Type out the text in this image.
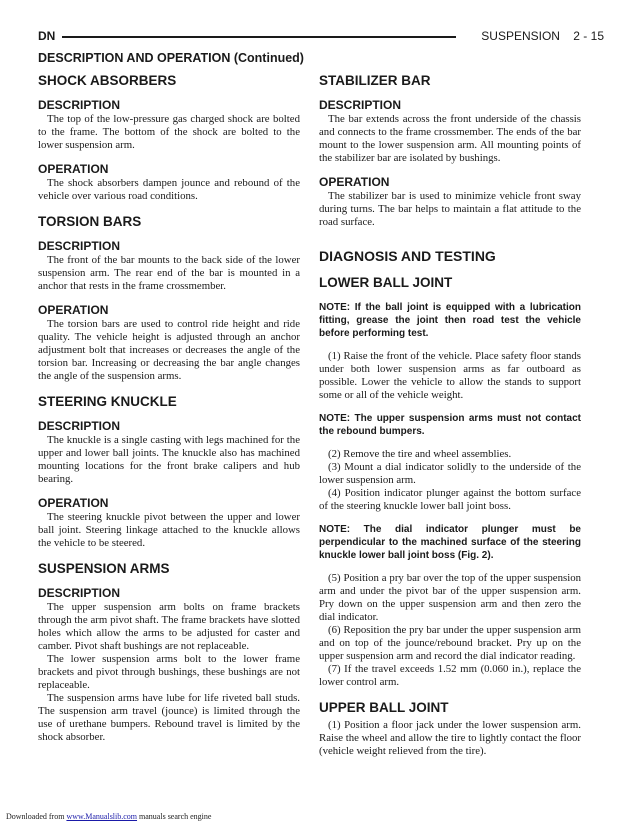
DN	SUSPENSION    2 - 15
DESCRIPTION AND OPERATION (Continued)
SHOCK ABSORBERS
DESCRIPTION

The top of the low-pressure gas charged shock are bolted to the frame. The bottom of the shock are bolted to the lower suspension arm.

OPERATION

The shock absorbers dampen jounce and rebound of the vehicle over various road conditions.

TORSION BARS
DESCRIPTION

The front of the bar mounts to the back side of the lower suspension arm. The rear end of the bar is mounted in a anchor that rests in the frame crossmember.

OPERATION

The torsion bars are used to control ride height and ride quality. The vehicle height is adjusted through an anchor adjustment bolt that increases or decreases the angle of the torsion bar. Increasing or decreasing the bar angle changes the angle of the suspension arms.

STEERING KNUCKLE
DESCRIPTION

The knuckle is a single casting with legs machined for the upper and lower ball joints. The knuckle also has machined mounting locations for the front brake calipers and hub bearing.

OPERATION

The steering knuckle pivot between the upper and lower ball joint. Steering linkage attached to the knuckle allows the vehicle to be steered.

SUSPENSION ARMS
DESCRIPTION

The upper suspension arm bolts on frame brackets through the arm pivot shaft. The frame brackets have slotted holes which allow the arms to be adjusted for caster and camber. Pivot shaft bushings are not replaceable.

The lower suspension arms bolt to the lower frame brackets and pivot through bushings, these bushings are not replaceable.

The suspension arms have lube for life riveted ball studs. The suspension arm travel (jounce) is limited through the use of urethane bumpers. Rebound travel is limited by the shock absorber.

STABILIZER BAR
DESCRIPTION

The bar extends across the front underside of the chassis and connects to the frame crossmember. The ends of the bar mount to the lower suspension arm. All mounting points of the stabilizer bar are isolated by bushings.

OPERATION

The stabilizer bar is used to minimize vehicle front sway during turns. The bar helps to maintain a flat attitude to the road surface.

DIAGNOSIS AND TESTING
LOWER BALL JOINT

NOTE: If the ball joint is equipped with a lubrication fitting, grease the joint then road test the vehicle before performing test.

(1) Raise the front of the vehicle. Place safety floor stands under both lower suspension arms as far outboard as possible. Lower the vehicle to allow the stands to support some or all of the vehicle weight.

NOTE: The upper suspension arms must not contact the rebound bumpers.

(2) Remove the tire and wheel assemblies.

(3) Mount a dial indicator solidly to the underside of the lower suspension arm.

(4) Position indicator plunger against the bottom surface of the steering knuckle lower ball joint boss.

NOTE: The dial indicator plunger must be perpendicular to the machined surface of the steering knuckle lower ball joint boss (Fig. 2).

(5) Position a pry bar over the top of the upper suspension arm and under the pivot bar of the upper suspension arm. Pry down on the upper suspension arm and then zero the dial indicator.

(6) Reposition the pry bar under the upper suspension arm and on top of the jounce/rebound bracket. Pry up on the upper suspension arm and record the dial indicator reading.

(7) If the travel exceeds 1.52 mm (0.060 in.), replace the lower control arm.

UPPER BALL JOINT

(1) Position a floor jack under the lower suspension arm. Raise the wheel and allow the tire to lightly contact the floor (vehicle weight relieved from the tire).

Downloaded from www.Manualslib.com manuals search engine
